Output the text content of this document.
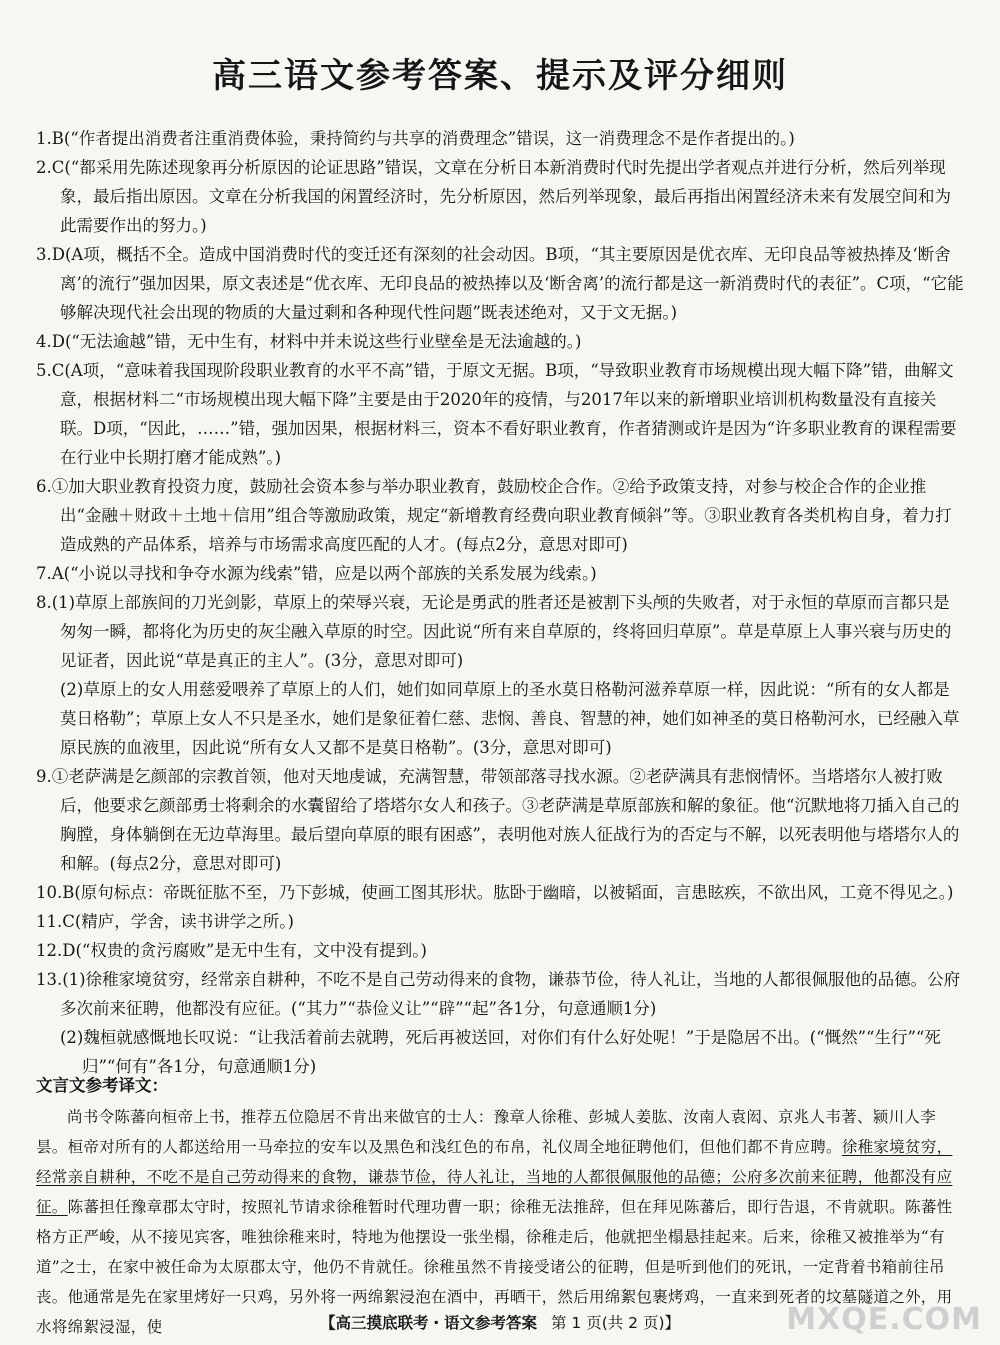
高三语文参考答案、提示及评分细则

1.B(“作者提出消费者注重消费体验，秉持简约与共享的消费理念”错误，这一消费理念不是作者提出的。)

2.C(“都采用先陈述现象再分析原因的论证思路”错误，文章在分析日本新消费时代时先提出学者观点并进行分析，然后列举现象，最后指出原因。文章在分析我国的闲置经济时，先分析原因，然后列举现象，最后再指出闲置经济未来有发展空间和为此需要作出的努力。)

3.D(A项，概括不全。造成中国消费时代的变迁还有深刻的社会动因。B项，“其主要原因是优衣库、无印良品等被热捧及‘断舍离’的流行”强加因果，原文表述是“优衣库、无印良品的被热捧以及‘断舍离’的流行都是这一新消费时代的表征”。C项，“它能够解决现代社会出现的物质的大量过剩和各种现代性问题”既表述绝对，又于文无据。)

4.D(“无法逾越”错，无中生有，材料中并未说这些行业壁垒是无法逾越的。)

5.C(A项，“意味着我国现阶段职业教育的水平不高”错，于原文无据。B项，“导致职业教育市场规模出现大幅下降”错，曲解文意，根据材料二“市场规模出现大幅下降”主要是由于2020年的疫情，与2017年以来的新增职业培训机构数量没有直接关联。D项，“因此，……”错，强加因果，根据材料三，资本不看好职业教育，作者猜测或许是因为“许多职业教育的课程需要在行业中长期打磨才能成熟”。)

6.①加大职业教育投资力度，鼓励社会资本参与举办职业教育，鼓励校企合作。②给予政策支持，对参与校企合作的企业推出“金融＋财政＋土地＋信用”组合等激励政策，规定“新增教育经费向职业教育倾斜”等。③职业教育各类机构自身，着力打造成熟的产品体系，培养与市场需求高度匹配的人才。(每点2分，意思对即可)

7.A(“小说以寻找和争夺水源为线索”错，应是以两个部族的关系发展为线索。)

8.(1)草原上部族间的刀光剑影，草原上的荣辱兴衰，无论是勇武的胜者还是被割下头颅的失败者，对于永恒的草原而言都只是匆匆一瞬，都将化为历史的灰尘融入草原的时空。因此说“所有来自草原的，终将回归草原”。草是草原上人事兴衰与历史的见证者，因此说“草是真正的主人”。(3分，意思对即可)

(2)草原上的女人用慈爱喂养了草原上的人们，她们如同草原上的圣水莫日格勒河滋养草原一样，因此说：“所有的女人都是莫日格勒”；草原上女人不只是圣水，她们是象征着仁慈、悲悯、善良、智慧的神，她们如神圣的莫日格勒河水，已经融入草原民族的血液里，因此说“所有女人又都不是莫日格勒”。(3分，意思对即可)

9.①老萨满是乞颜部的宗教首领，他对天地虔诚，充满智慧，带领部落寻找水源。②老萨满具有悲悯情怀。当塔塔尔人被打败后，他要求乞颜部勇士将剩余的水囊留给了塔塔尔女人和孩子。③老萨满是草原部族和解的象征。他“沉默地将刀插入自己的胸膛，身体躺倒在无边草海里。最后望向草原的眼有困惑”，表明他对族人征战行为的否定与不解，以死表明他与塔塔尔人的和解。(每点2分，意思对即可)

10.B(原句标点：帝既征肱不至，乃下彭城，使画工图其形状。肱卧于幽暗，以被韬面，言患眩疾，不欲出风，工竟不得见之。)

11.C(精庐，学舍，读书讲学之所。)

12.D(“权贵的贪污腐败”是无中生有，文中没有提到。)

13.(1)徐稚家境贫穷，经常亲自耕种，不吃不是自己劳动得来的食物，谦恭节俭，待人礼让，当地的人都很佩服他的品德。公府多次前来征聘，他都没有应征。(“其力”“恭俭义让”“辟”“起”各1分，句意通顺1分)

(2)魏桓就感慨地长叹说：“让我活着前去就聘，死后再被送回，对你们有什么好处呢！”于是隐居不出。(“慨然”“生行”“死归”“何有”各1分，句意通顺1分)

文言文参考译文：

尚书令陈蕃向桓帝上书，推荐五位隐居不肯出来做官的士人：豫章人徐稚、彭城人姜肱、汝南人袁闳、京兆人韦著、颍川人李昙。桓帝对所有的人都送给用一马牵拉的安车以及黑色和浅红色的布帛，礼仪周全地征聘他们，但他们都不肯应聘。徐稚家境贫穷，经常亲自耕种，不吃不是自己劳动得来的食物，谦恭节俭，待人礼让，当地的人都很佩服他的品德；公府多次前来征聘，他都没有应征。陈蕃担任豫章郡太守时，按照礼节请求徐稚暂时代理功曹一职；徐稚无法推辞，但在拜见陈蕃后，即行告退，不肯就职。陈蕃性格方正严峻，从不接见宾客，唯独徐稚来时，特地为他摆设一张坐榻，徐稚走后，他就把坐榻悬挂起来。后来，徐稚又被推举为“有道”之士，在家中被任命为太原郡太守，他仍不肯就任。徐稚虽然不肯接受诸公的征聘，但是听到他们的死讯，一定背着书箱前往吊丧。他通常是先在家里烤好一只鸡，另外将一两绵絮浸泡在酒中，再晒干，然后用绵絮包裹烤鸡，一直来到死者的坟墓隧道之外，用水将绵絮浸湿，使	【高三摸底联考・语文参考答案 第 1 页(共 2 页)】	MXQE.COM
